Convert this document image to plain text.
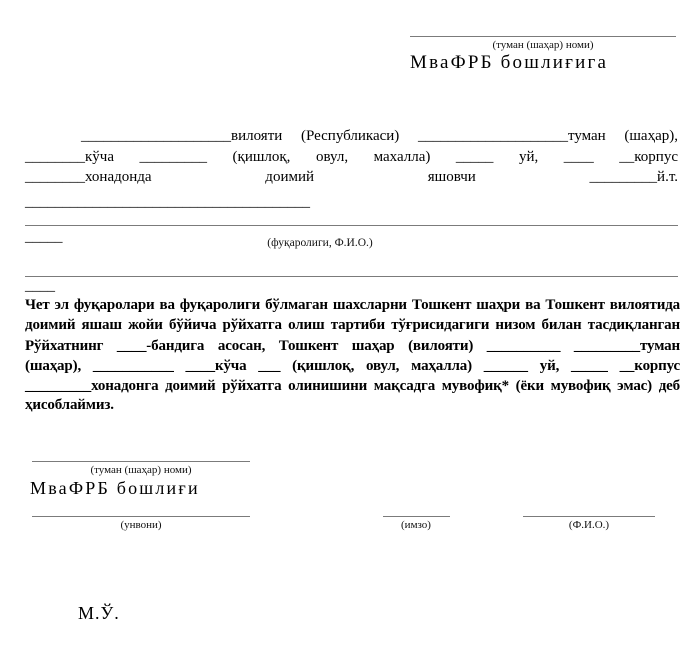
(туман (шаҳар) номи)
МваФРБ бошлиғига
____________________вилояти (Республикаси) ____________________туман (шаҳар),
________кўча _________ (қишлоқ, овул, махалла) _____ уй, ____ __корпус
________хонадонда доимий яшовчи _________й.т.
______________________________________
_____	(фуқаролиги, Ф.И.О.)
____
Чет эл фуқаролари ва фуқаролиги бўлмаган шахсларни Тошкент шаҳри ва Тошкент вилоятида
доимий яшаш жойи бўйича рўйхатга олиш тартиби тўғрисидагиги низом билан тасдиқланган
Рўйхатнинг ____-бандига асосан, Тошкент шаҳар (вилояти) __________ _________туман
(шаҳар), ___________ ____кўча ___ (қишлоқ, овул, маҳалла) ______ уй, _____ __корпус
_________хонадонга доимий рўйхатга олинишини мақсадга мувофиқ* (ёки мувофиқ эмас) деб
ҳисоблаймиз.
(туман (шаҳар) номи)
МваФРБ бошлиғи
(унвони)	(имзо)	(Ф.И.О.)
М.Ў.
